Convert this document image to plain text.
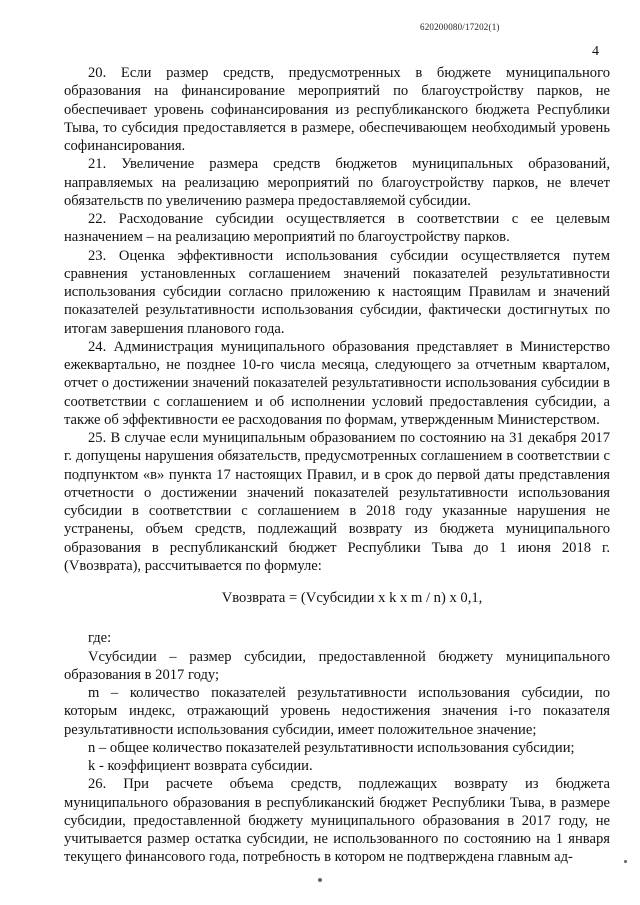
620200080/17202(1)
4

20. Если размер средств, предусмотренных в бюджете муниципального образования на финансирование мероприятий по благоустройству парков, не обеспечивает уровень софинансирования из республиканского бюджета Республики Тыва, то субсидия предоставляется в размере, обеспечивающем необходимый уровень софинансирования.

21. Увеличение размера средств бюджетов муниципальных образований, направляемых на реализацию мероприятий по благоустройству парков, не влечет обязательств по увеличению размера предоставляемой субсидии.

22. Расходование субсидии осуществляется в соответствии с ее целевым назначением – на реализацию мероприятий по благоустройству парков.

23. Оценка эффективности использования субсидии осуществляется путем сравнения установленных соглашением значений показателей результативности использования субсидии согласно приложению к настоящим Правилам и значений показателей результативности использования субсидии, фактически достигнутых по итогам завершения планового года.

24. Администрация муниципального образования представляет в Министерство ежеквартально, не позднее 10-го числа месяца, следующего за отчетным кварталом, отчет о достижении значений показателей результативности использования субсидии в соответствии с соглашением и об исполнении условий предоставления субсидии, а также об эффективности ее расходования по формам, утвержденным Министерством.

25. В случае если муниципальным образованием по состоянию на 31 декабря 2017 г. допущены нарушения обязательств, предусмотренных соглашением в соответствии с подпунктом «в» пункта 17 настоящих Правил, и в срок до первой даты представления отчетности о достижении значений показателей результативности использования субсидии в соответствии с соглашением в 2018 году указанные нарушения не устранены, объем средств, подлежащий возврату из бюджета муниципального образования в республиканский бюджет Республики Тыва до 1 июня 2018 г. (Vвозврата), рассчитывается по формуле:

Vвозврата = (Vсубсидии x k x m / n) x 0,1,

где:

Vсубсидии – размер субсидии, предоставленной бюджету муниципального образования в 2017 году;

m – количество показателей результативности использования субсидии, по которым индекс, отражающий уровень недостижения значения i-го показателя результативности использования субсидии, имеет положительное значение;

n – общее количество показателей результативности использования субсидии;

k - коэффициент возврата субсидии.

26. При расчете объема средств, подлежащих возврату из бюджета муниципального образования в республиканский бюджет Республики Тыва, в размере субсидии, предоставленной бюджету муниципального образования в 2017 году, не учитывается размер остатка субсидии, не использованного по состоянию на 1 января текущего финансового года, потребность в котором не подтверждена главным ад-
